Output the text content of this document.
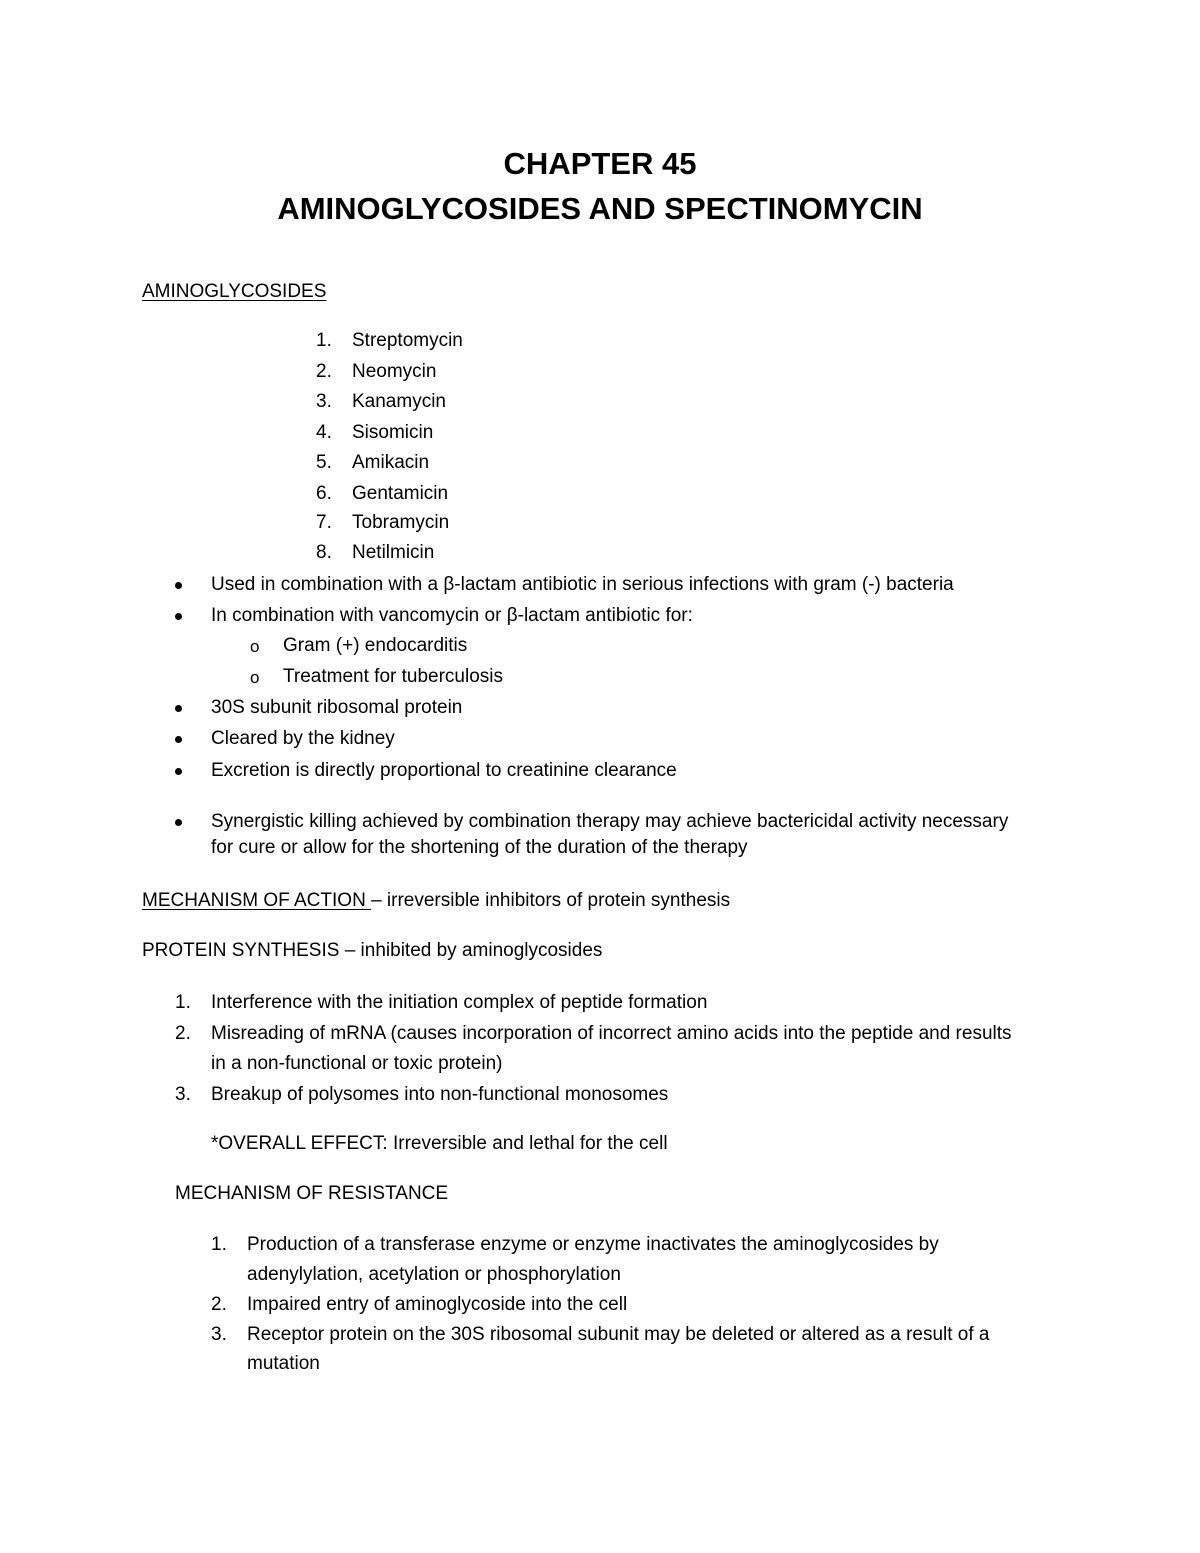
CHAPTER 45
AMINOGLYCOSIDES AND SPECTINOMYCIN

AMINOGLYCOSIDES

1. Streptomycin
2. Neomycin
3. Kanamycin
4. Sisomicin
5. Amikacin
6. Gentamicin
7. Tobramycin
8. Netilmicin
Used in combination with a β-lactam antibiotic in serious infections with gram (-) bacteria
In combination with vancomycin or β-lactam antibiotic for:
o Gram (+) endocarditis
o Treatment for tuberculosis
30S subunit ribosomal protein
Cleared by the kidney
Excretion is directly proportional to creatinine clearance
Synergistic killing achieved by combination therapy may achieve bactericidal activity necessary
for cure or allow for the shortening of the duration of the therapy

MECHANISM OF ACTION – irreversible inhibitors of protein synthesis

PROTEIN SYNTHESIS – inhibited by aminoglycosides

1. Interference with the initiation complex of peptide formation
2. Misreading of mRNA (causes incorporation of incorrect amino acids into the peptide and results
in a non-functional or toxic protein)
3. Breakup of polysomes into non-functional monosomes

*OVERALL EFFECT: Irreversible and lethal for the cell

MECHANISM OF RESISTANCE

1. Production of a transferase enzyme or enzyme inactivates the aminoglycosides by
adenylylation, acetylation or phosphorylation
2. Impaired entry of aminoglycoside into the cell
3. Receptor protein on the 30S ribosomal subunit may be deleted or altered as a result of a
mutation
